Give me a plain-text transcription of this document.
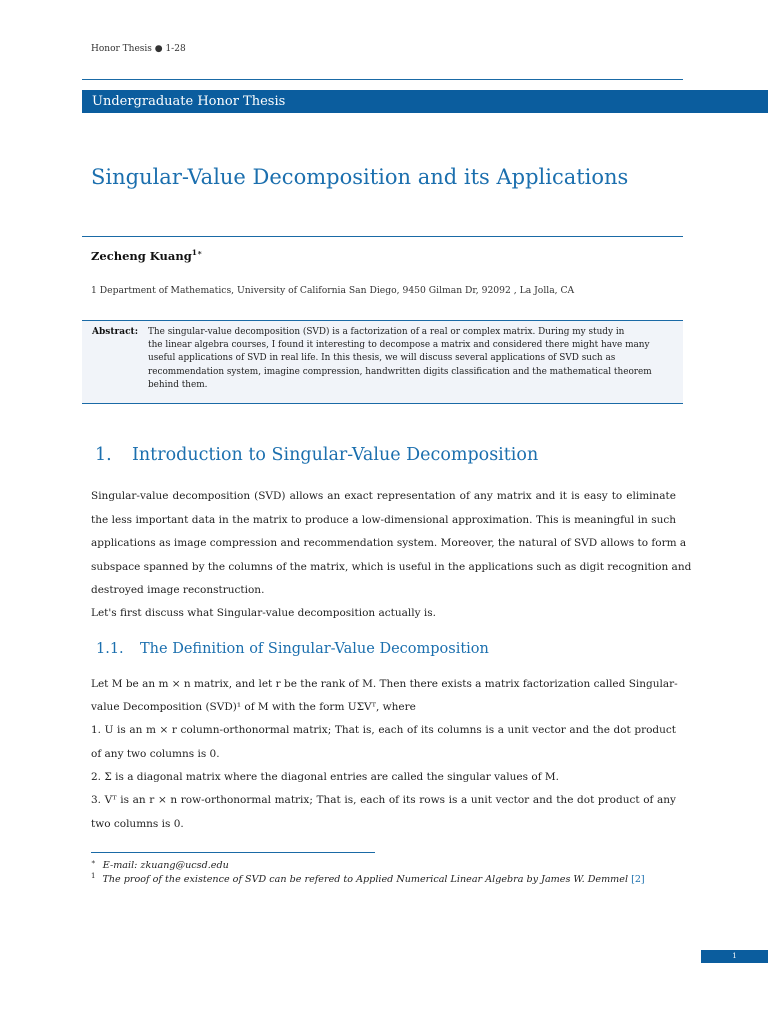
Honor Thesis ● 1-28
Undergraduate Honor Thesis
Singular-Value Decomposition and its Applications
Zecheng Kuang$^{1∗}$
1 Department of Mathematics, University of California San Diego, 9450 Gilman Dr, 92092 , La Jolla, CA
Abstract: The singular-value decomposition (SVD) is a factorization of a real or complex matrix. During my study in
the linear algebra courses, I found it interesting to decompose a matrix and considered there might have many
useful applications of SVD in real life. In this thesis, we will discuss several applications of SVD such as
recommendation system, imagine compression, handwritten digits classification and the mathematical theorem
behind them.
1. Introduction to Singular-Value Decomposition
Singular-value decomposition (SVD) allows an exact representation of any matrix and it is easy to eliminate
the less important data in the matrix to produce a low-dimensional approximation. This is meaningful in such
applications as image compression and recommendation system. Moreover, the natural of SVD allows to form a
subspace spanned by the columns of the matrix, which is useful in the applications such as digit recognition and
destroyed image reconstruction.
Let's first discuss what Singular-value decomposition actually is.
1.1. The Definition of Singular-Value Decomposition
Let M be an m × n matrix, and let r be the rank of M. Then there exists a matrix factorization called Singular-
value Decomposition (SVD)¹ of M with the form UΣVᵀ, where
1. U is an m × r column-orthonormal matrix; That is, each of its columns is a unit vector and the dot product
of any two columns is 0.
2. Σ is a diagonal matrix where the diagonal entries are called the singular values of M.
3. Vᵀ is an r × n row-orthonormal matrix; That is, each of its rows is a unit vector and the dot product of any
two columns is 0.
∗ E-mail: zkuang@ucsd.edu
$^1$ The proof of the existence of SVD can be refered to Applied Numerical Linear Algebra by James W. Demmel [2]
1
